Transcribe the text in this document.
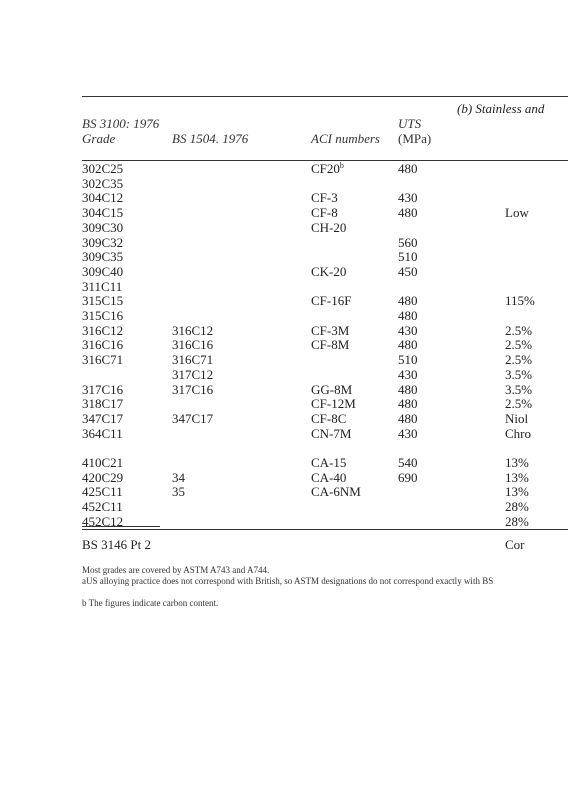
(b) Stainless and
BS 3100: 1976
Grade	BS 1504. 1976	ACI numbers
UTS
(MPa)
302C25		CF20$^b$	480	
302C35				
304C12		CF-3	430	
304C15		CF-8	480	Low
309C30		CH-20		
309C32			560	
309C35			510	
309C40		CK-20	450	
311C11				
315C15		CF-16F	480	115%
315C16			480	
316C12	316C12	CF-3M	430	2.5%
316C16	316C16	CF-8M	480	2.5%
316C71	316C71		510	2.5%
	317C12		430	3.5%
317C16	317C16	GG-8M	480	3.5%
318C17		CF-12M	480	2.5%
347C17	347C17	CF-8C	480	Niol
364C11		CN-7M	430	Chro

410C21		CA-15	540	13%
420C29	34	CA-40	690	13%
425C11	35	CA-6NM		13%
452C11				28%
452C12				28%
BS 3146 Pt 2	Cor
Most grades are covered by ASTM A743 and A744.
aUS alloying practice does not correspond with British, so ASTM designations do not correspond exactly with BS
b The figures indicate carbon content.
